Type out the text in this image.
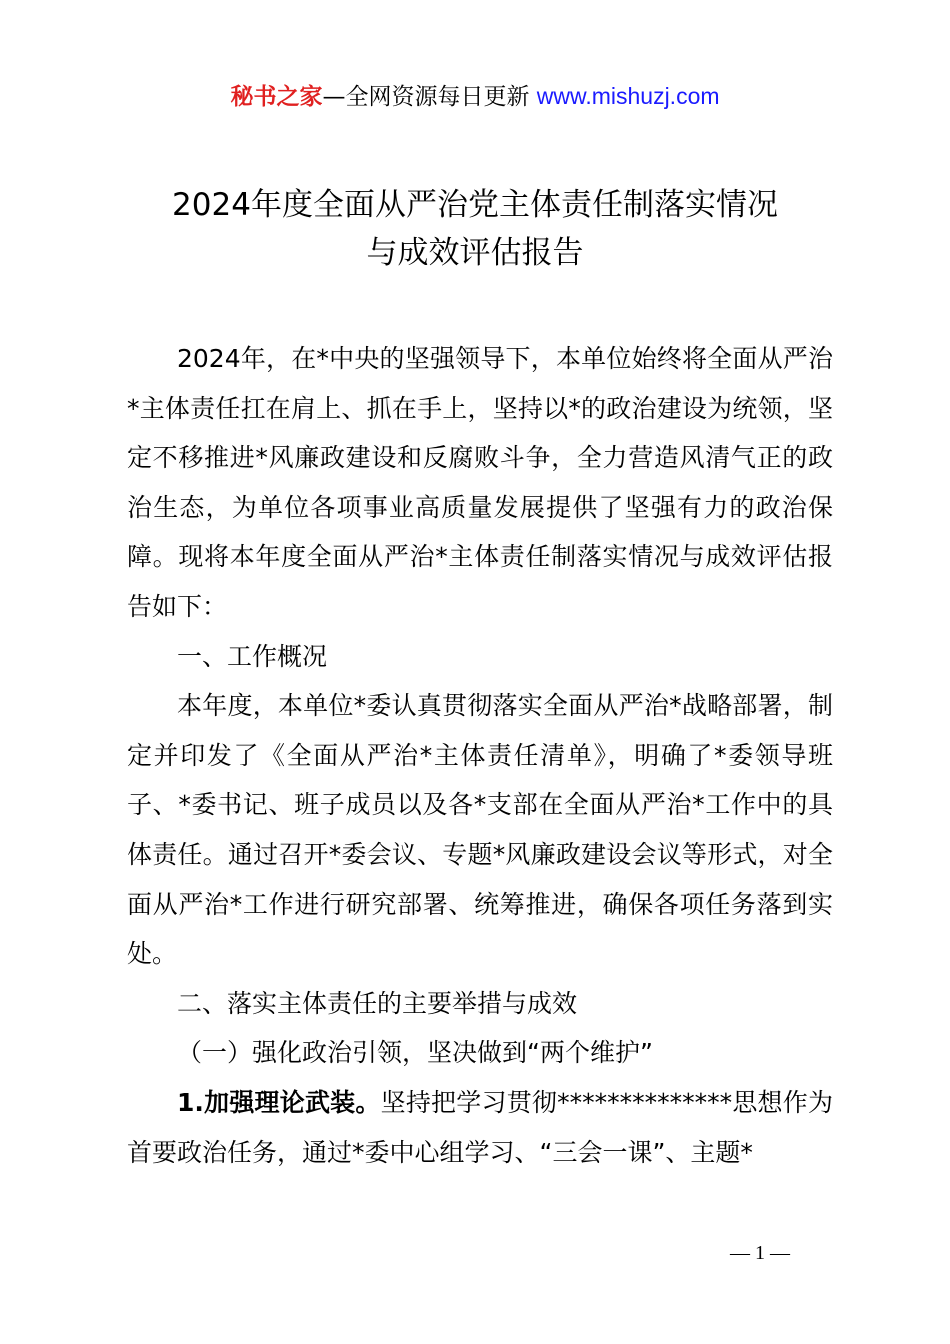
秘书之家—全网资源每日更新 www.mishuzj.com
2024年度全面从严治党主体责任制落实情况
与成效评估报告

2024年，在*中央的坚强领导下，本单位始终将全面从严治*主体责任扛在肩上、抓在手上，坚持以*的政治建设为统领，坚定不移推进*风廉政建设和反腐败斗争，全力营造风清气正的政治生态，为单位各项事业高质量发展提供了坚强有力的政治保障。现将本年度全面从严治*主体责任制落实情况与成效评估报告如下：

一、工作概况

本年度，本单位*委认真贯彻落实全面从严治*战略部署，制定并印发了《全面从严治*主体责任清单》，明确了*委领导班子、*委书记、班子成员以及各*支部在全面从严治*工作中的具体责任。通过召开*委会议、专题*风廉政建设会议等形式，对全面从严治*工作进行研究部署、统筹推进，确保各项任务落到实处。

二、落实主体责任的主要举措与成效

（一）强化政治引领，坚决做到“两个维护”

1.加强理论武装。坚持把学习贯彻**************思想作为首要政治任务，通过*委中心组学习、“三会一课”、主题*

— 1 —
